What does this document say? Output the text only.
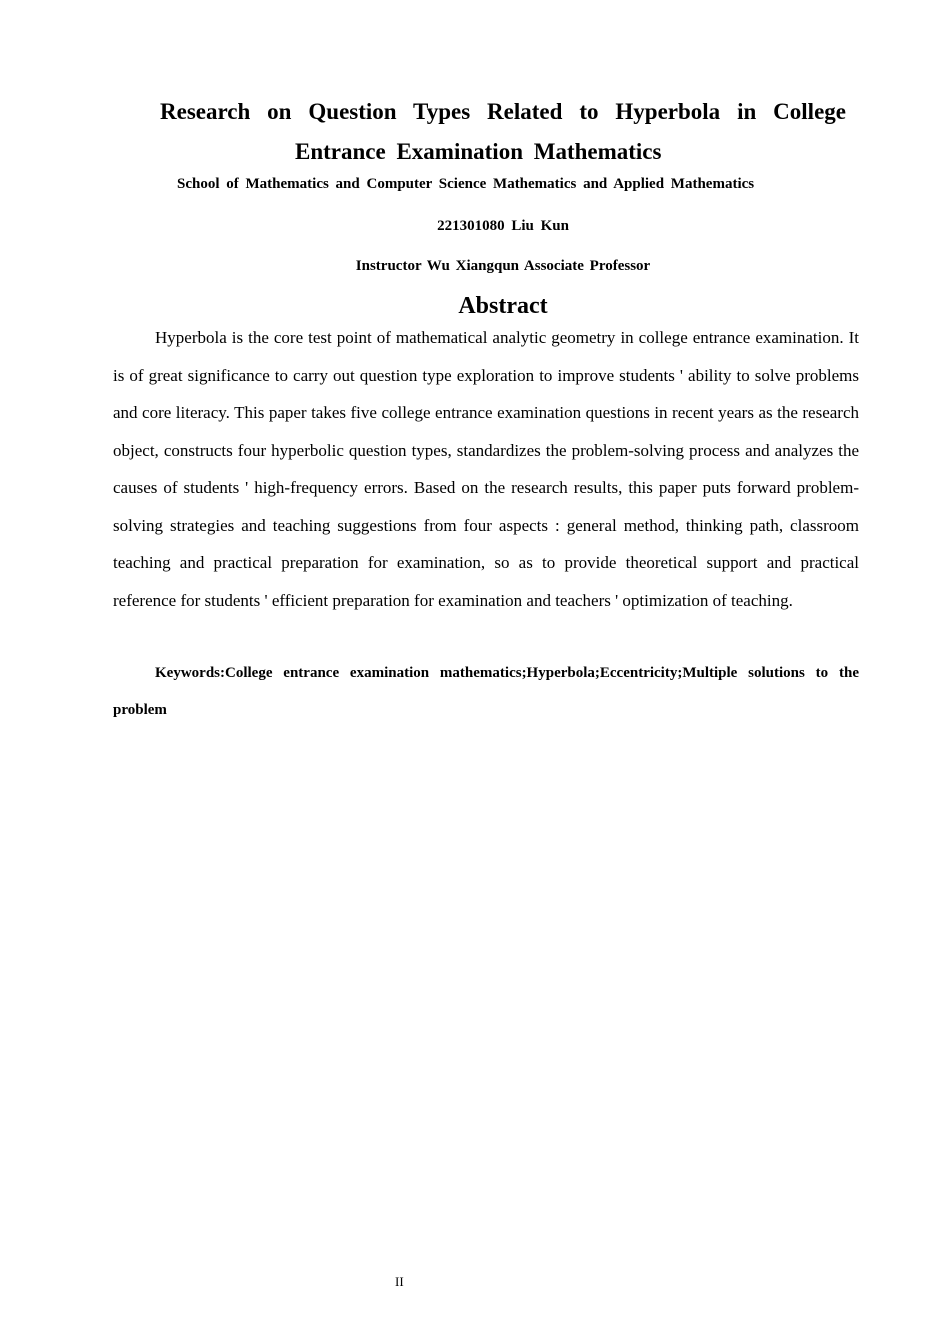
Research on Question Types Related to Hyperbola in College
Entrance Examination Mathematics
School of Mathematics and Computer Science Mathematics and Applied Mathematics
221301080 Liu Kun
Instructor Wu Xiangqun Associate Professor
Abstract

Hyperbola is the core test point of mathematical analytic geometry in college entrance examination. It is of great significance to carry out question type exploration to improve students ' ability to solve problems and core literacy. This paper takes five college entrance examination questions in recent years as the research object, constructs four hyperbolic question types, standardizes the problem-solving process and analyzes the causes of students ' high-frequency errors. Based on the research results, this paper puts forward problem-solving strategies and teaching suggestions from four aspects : general method, thinking path, classroom teaching and practical preparation for examination, so as to provide theoretical support and practical reference for students ' efficient preparation for examination and teachers ' optimization of teaching.

Keywords:College entrance examination mathematics;Hyperbola;Eccentricity;Multiple solutions to the problem

II
